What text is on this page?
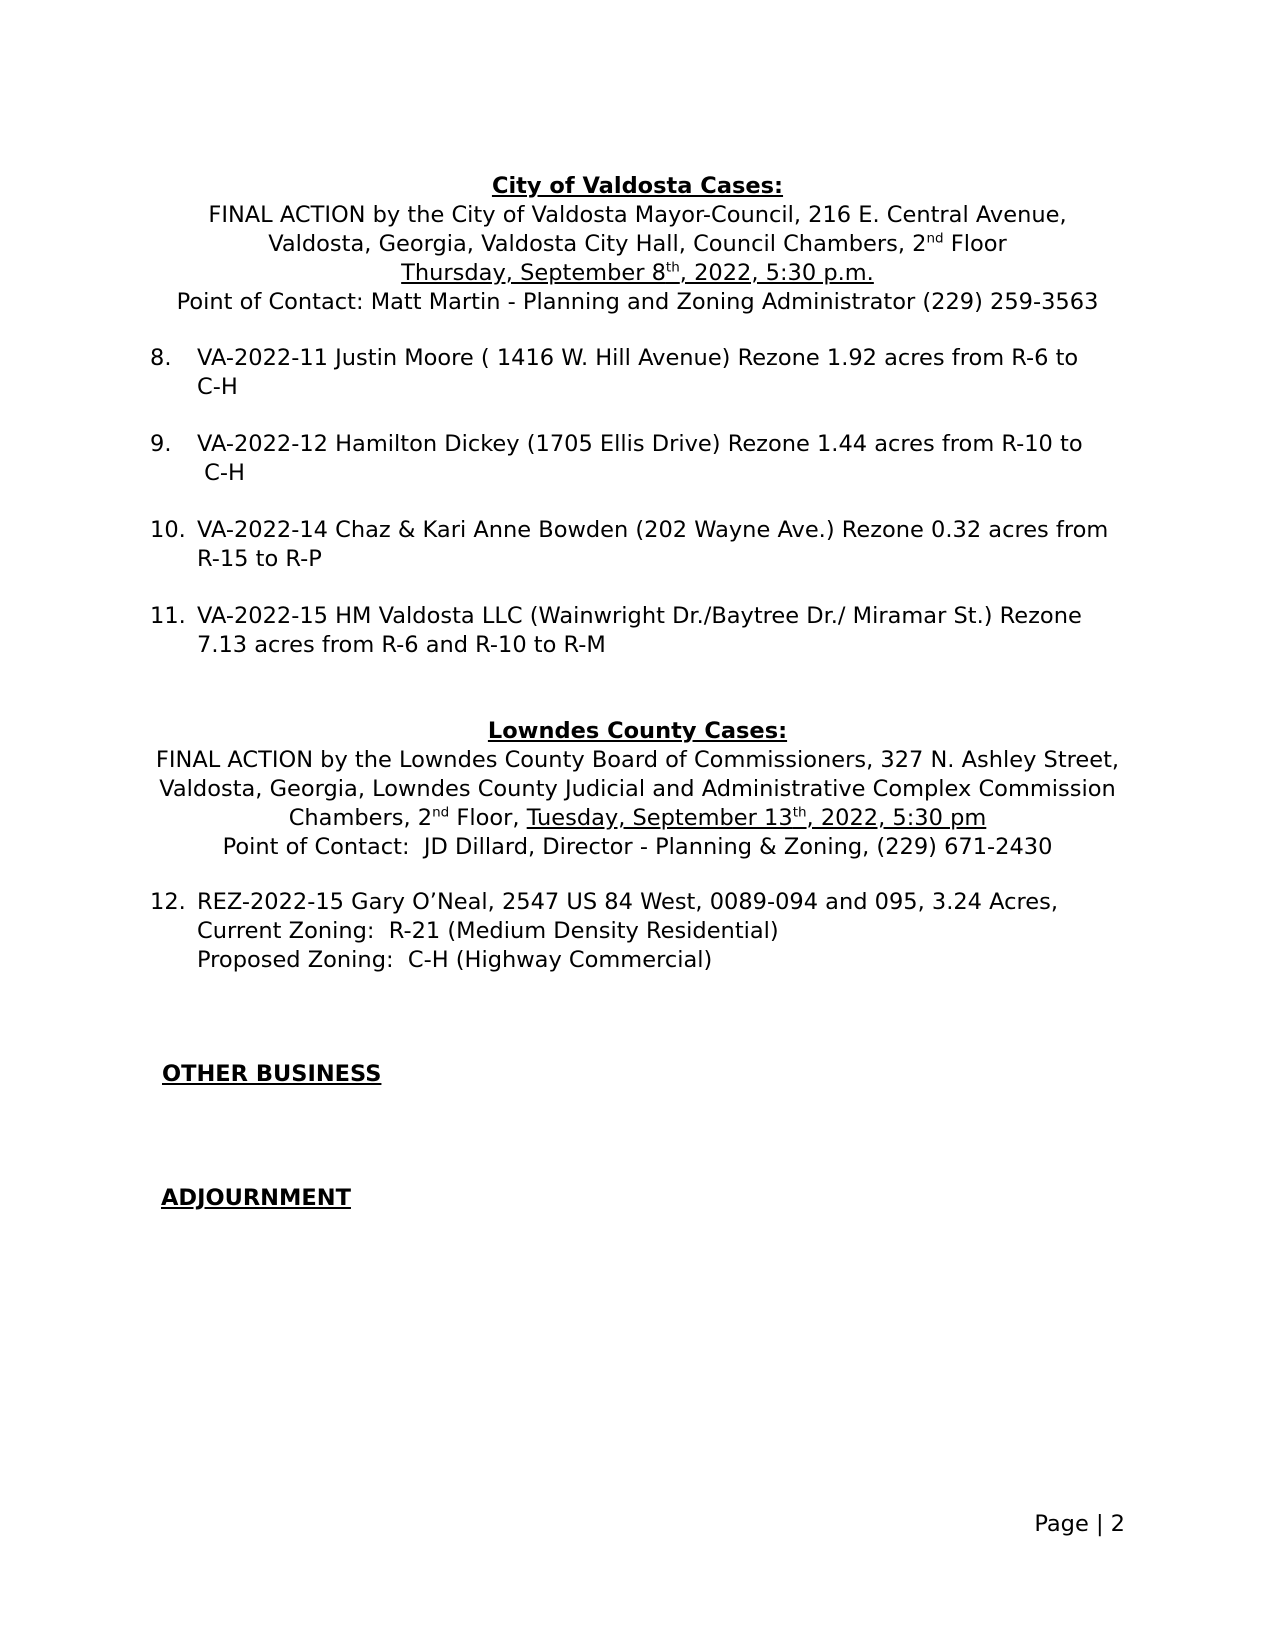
City of Valdosta Cases:
FINAL ACTION by the City of Valdosta Mayor-Council, 216 E. Central Avenue,
Valdosta, Georgia, Valdosta City Hall, Council Chambers, 2nd Floor
Thursday, September 8th, 2022, 5:30 p.m.
Point of Contact: Matt Martin - Planning and Zoning Administrator (229) 259-3563
8. VA-2022-11 Justin Moore ( 1416 W. Hill Avenue) Rezone 1.92 acres from R-6 to
C-H
9. VA-2022-12 Hamilton Dickey (1705 Ellis Drive) Rezone 1.44 acres from R-10 to
C-H
10. VA-2022-14 Chaz & Kari Anne Bowden (202 Wayne Ave.) Rezone 0.32 acres from
R-15 to R-P
11. VA-2022-15 HM Valdosta LLC (Wainwright Dr./Baytree Dr./ Miramar St.) Rezone
7.13 acres from R-6 and R-10 to R-M
Lowndes County Cases:
FINAL ACTION by the Lowndes County Board of Commissioners, 327 N. Ashley Street,
Valdosta, Georgia, Lowndes County Judicial and Administrative Complex Commission
Chambers, 2nd Floor, Tuesday, September 13th, 2022, 5:30 pm
Point of Contact:  JD Dillard, Director - Planning & Zoning, (229) 671-2430
12. REZ-2022-15 Gary O’Neal, 2547 US 84 West, 0089-094 and 095, 3.24 Acres,
Current Zoning:  R-21 (Medium Density Residential)
Proposed Zoning:  C-H (Highway Commercial)
OTHER BUSINESS
ADJOURNMENT
Page | 2
